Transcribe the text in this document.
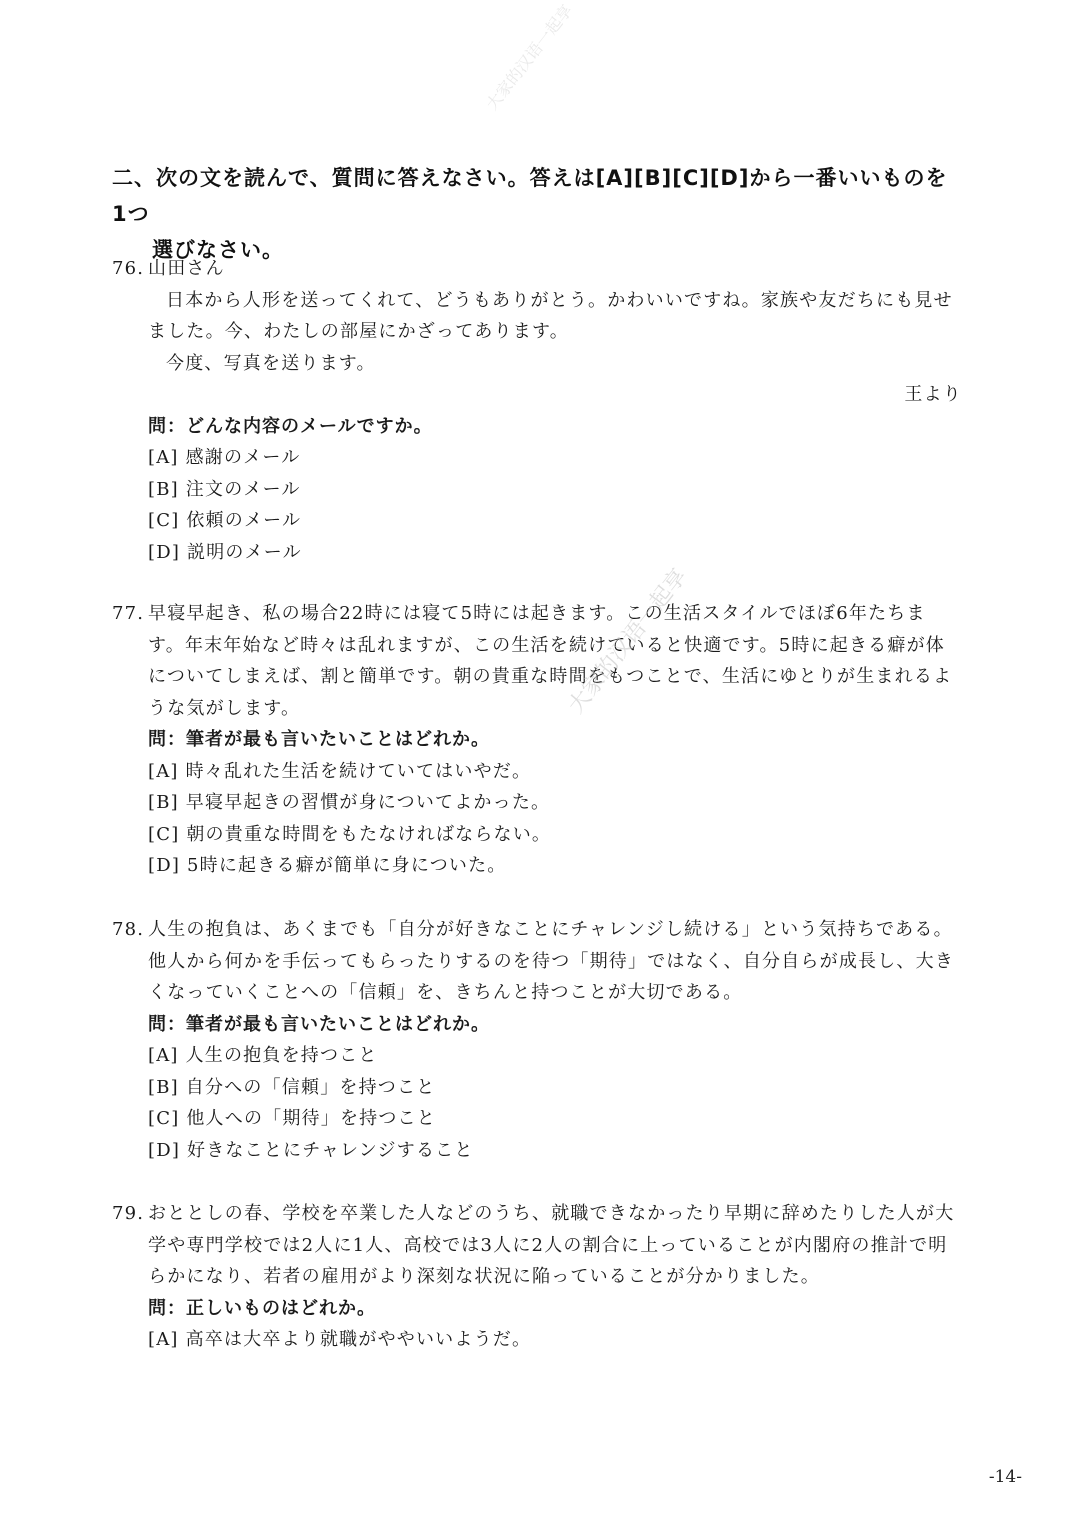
大家的汉语一起享
二、次の文を読んで、質問に答えなさい。答えは[A][B][C][D]から一番いいものを1つ
選びなさい。
76. 山田さん

日本から人形を送ってくれて、どうもありがとう。かわいいですね。家族や友だちにも見せました。今、わたしの部屋にかざってあります。

今度、写真を送ります。

王より

問：どんな内容のメールですか。

[A] 感謝のメール

[B] 注文のメール

[C] 依頼のメール

[D] 説明のメール

77. 早寝早起き、私の場合22時には寝て5時には起きます。この生活スタイルでほぼ6年たちます。年末年始など時々は乱れますが、この生活を続けていると快適です。5時に起きる癖が体についてしまえば、割と簡単です。朝の貴重な時間をもつことで、生活にゆとりが生まれるような気がします。

問：筆者が最も言いたいことはどれか。

[A] 時々乱れた生活を続けていてはいやだ。

[B] 早寝早起きの習慣が身についてよかった。

[C] 朝の貴重な時間をもたなければならない。

[D] 5時に起きる癖が簡単に身についた。

大家的汉语一起享
78. 人生の抱負は、あくまでも「自分が好きなことにチャレンジし続ける」という気持ちである。他人から何かを手伝ってもらったりするのを待つ「期待」ではなく、自分自らが成長し、大きくなっていくことへの「信頼」を、きちんと持つことが大切である。

問：筆者が最も言いたいことはどれか。

[A] 人生の抱負を持つこと

[B] 自分への「信頼」を持つこと

[C] 他人への「期待」を持つこと

[D] 好きなことにチャレンジすること

79. おととしの春、学校を卒業した人などのうち、就職できなかったり早期に辞めたりした人が大学や専門学校では2人に1人、高校では3人に2人の割合に上っていることが内閣府の推計で明らかになり、若者の雇用がより深刻な状況に陥っていることが分かりました。

問：正しいものはどれか。

[A] 高卒は大卒より就職がややいいようだ。

-14-
